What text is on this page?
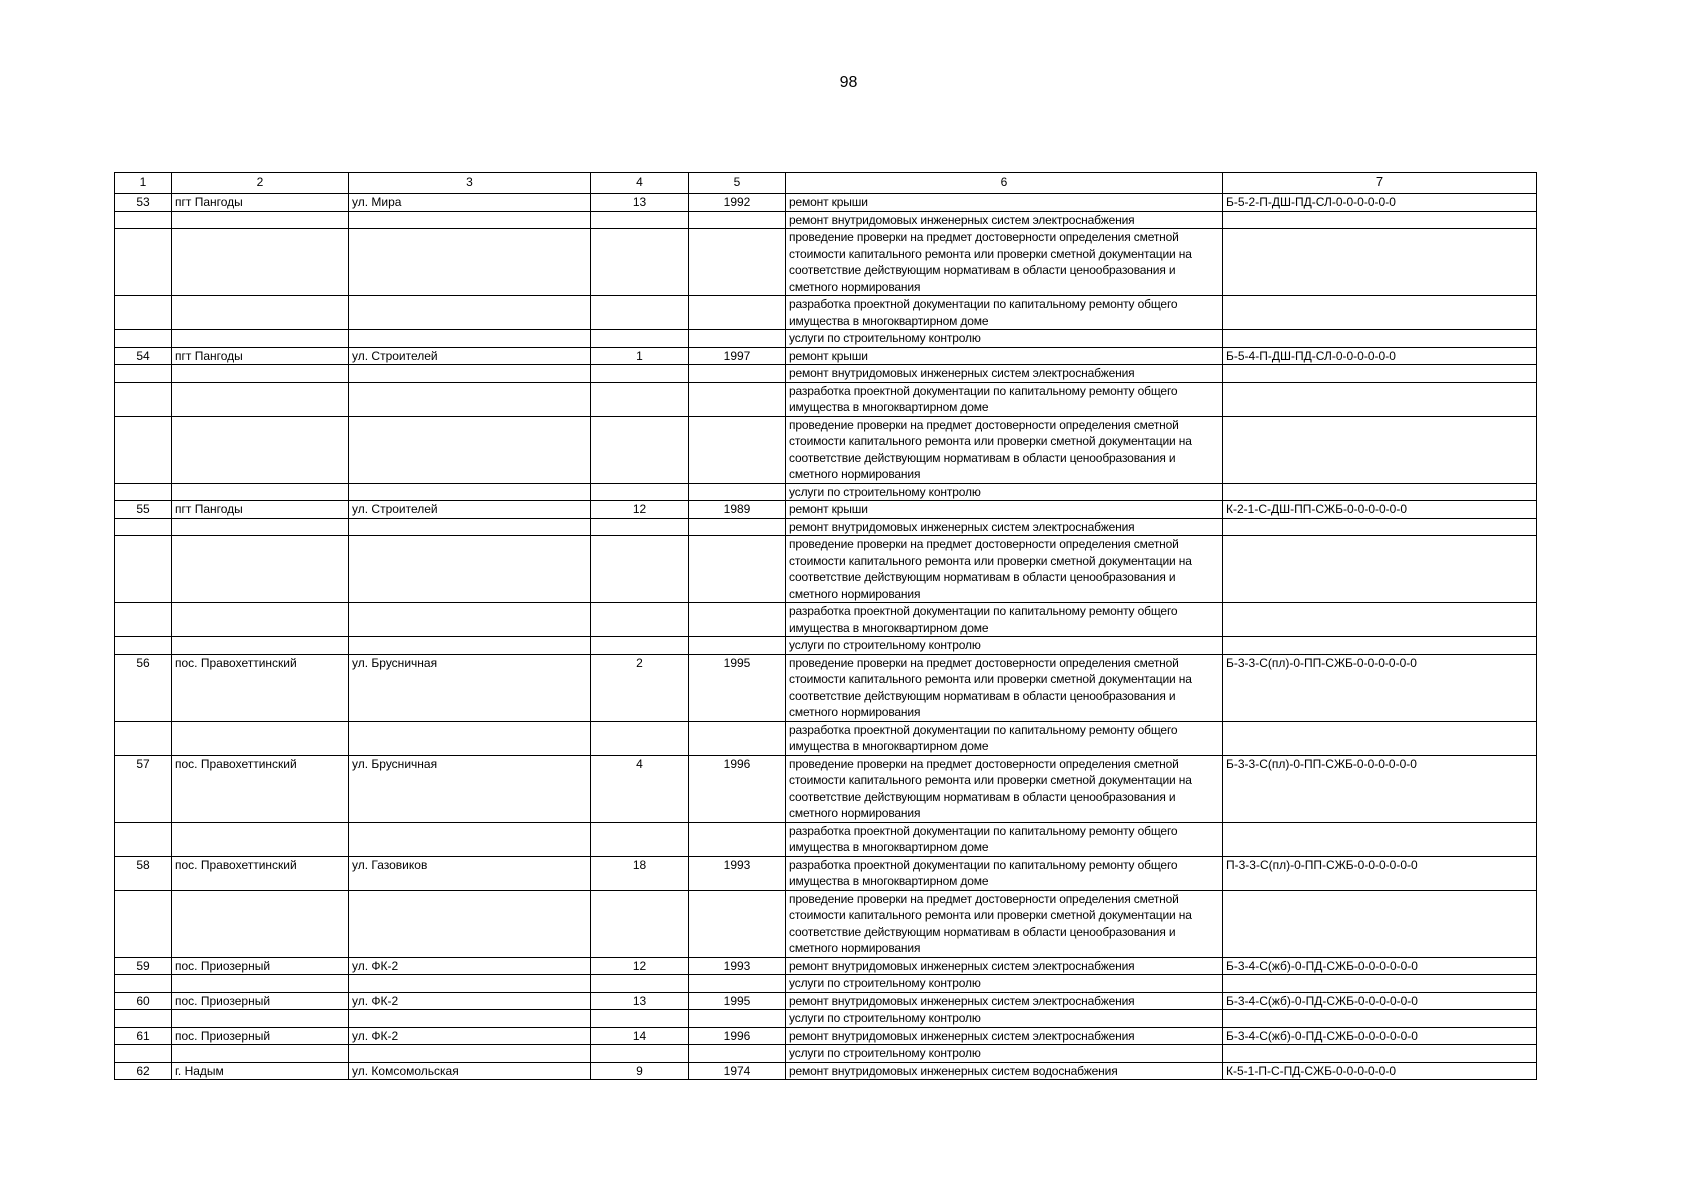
98
1	2	3	4	5	6	7
53	пгт Пангоды	ул. Мира	13	1992	ремонт крыши	Б-5-2-П-ДШ-ПД-СЛ-0-0-0-0-0-0
					ремонт внутридомовых инженерных систем электроснабжения	
					проведение проверки на предмет достоверности определения сметной стоимости капитального ремонта или проверки сметной документации на соответствие действующим нормативам в области ценообразования и сметного нормирования	
					разработка проектной документации по капитальному ремонту общего имущества в многоквартирном доме	
					услуги по строительному контролю	
54	пгт Пангоды	ул. Строителей	1	1997	ремонт крыши	Б-5-4-П-ДШ-ПД-СЛ-0-0-0-0-0-0
					ремонт внутридомовых инженерных систем электроснабжения	
					разработка проектной документации по капитальному ремонту общего имущества в многоквартирном доме	
					проведение проверки на предмет достоверности определения сметной стоимости капитального ремонта или проверки сметной документации на соответствие действующим нормативам в области ценообразования и сметного нормирования	
					услуги по строительному контролю	
55	пгт Пангоды	ул. Строителей	12	1989	ремонт крыши	К-2-1-С-ДШ-ПП-СЖБ-0-0-0-0-0-0
					ремонт внутридомовых инженерных систем электроснабжения	
					проведение проверки на предмет достоверности определения сметной стоимости капитального ремонта или проверки сметной документации на соответствие действующим нормативам в области ценообразования и сметного нормирования	
					разработка проектной документации по капитальному ремонту общего имущества в многоквартирном доме	
					услуги по строительному контролю	
56	пос. Правохеттинский	ул. Брусничная	2	1995	проведение проверки на предмет достоверности определения сметной стоимости капитального ремонта или проверки сметной документации на соответствие действующим нормативам в области ценообразования и сметного нормирования	Б-3-3-С(пл)-0-ПП-СЖБ-0-0-0-0-0-0
					разработка проектной документации по капитальному ремонту общего имущества в многоквартирном доме	
57	пос. Правохеттинский	ул. Брусничная	4	1996	проведение проверки на предмет достоверности определения сметной стоимости капитального ремонта или проверки сметной документации на соответствие действующим нормативам в области ценообразования и сметного нормирования	Б-3-3-С(пл)-0-ПП-СЖБ-0-0-0-0-0-0
					разработка проектной документации по капитальному ремонту общего имущества в многоквартирном доме	
58	пос. Правохеттинский	ул. Газовиков	18	1993	разработка проектной документации по капитальному ремонту общего имущества в многоквартирном доме	П-3-3-С(пл)-0-ПП-СЖБ-0-0-0-0-0-0
					проведение проверки на предмет достоверности определения сметной стоимости капитального ремонта или проверки сметной документации на соответствие действующим нормативам в области ценообразования и сметного нормирования	
59	пос. Приозерный	ул. ФК-2	12	1993	ремонт внутридомовых инженерных систем электроснабжения	Б-3-4-С(жб)-0-ПД-СЖБ-0-0-0-0-0-0
					услуги по строительному контролю	
60	пос. Приозерный	ул. ФК-2	13	1995	ремонт внутридомовых инженерных систем электроснабжения	Б-3-4-С(жб)-0-ПД-СЖБ-0-0-0-0-0-0
					услуги по строительному контролю	
61	пос. Приозерный	ул. ФК-2	14	1996	ремонт внутридомовых инженерных систем электроснабжения	Б-3-4-С(жб)-0-ПД-СЖБ-0-0-0-0-0-0
					услуги по строительному контролю	
62	г. Надым	ул. Комсомольская	9	1974	ремонт внутридомовых инженерных систем водоснабжения	К-5-1-П-С-ПД-СЖБ-0-0-0-0-0-0
